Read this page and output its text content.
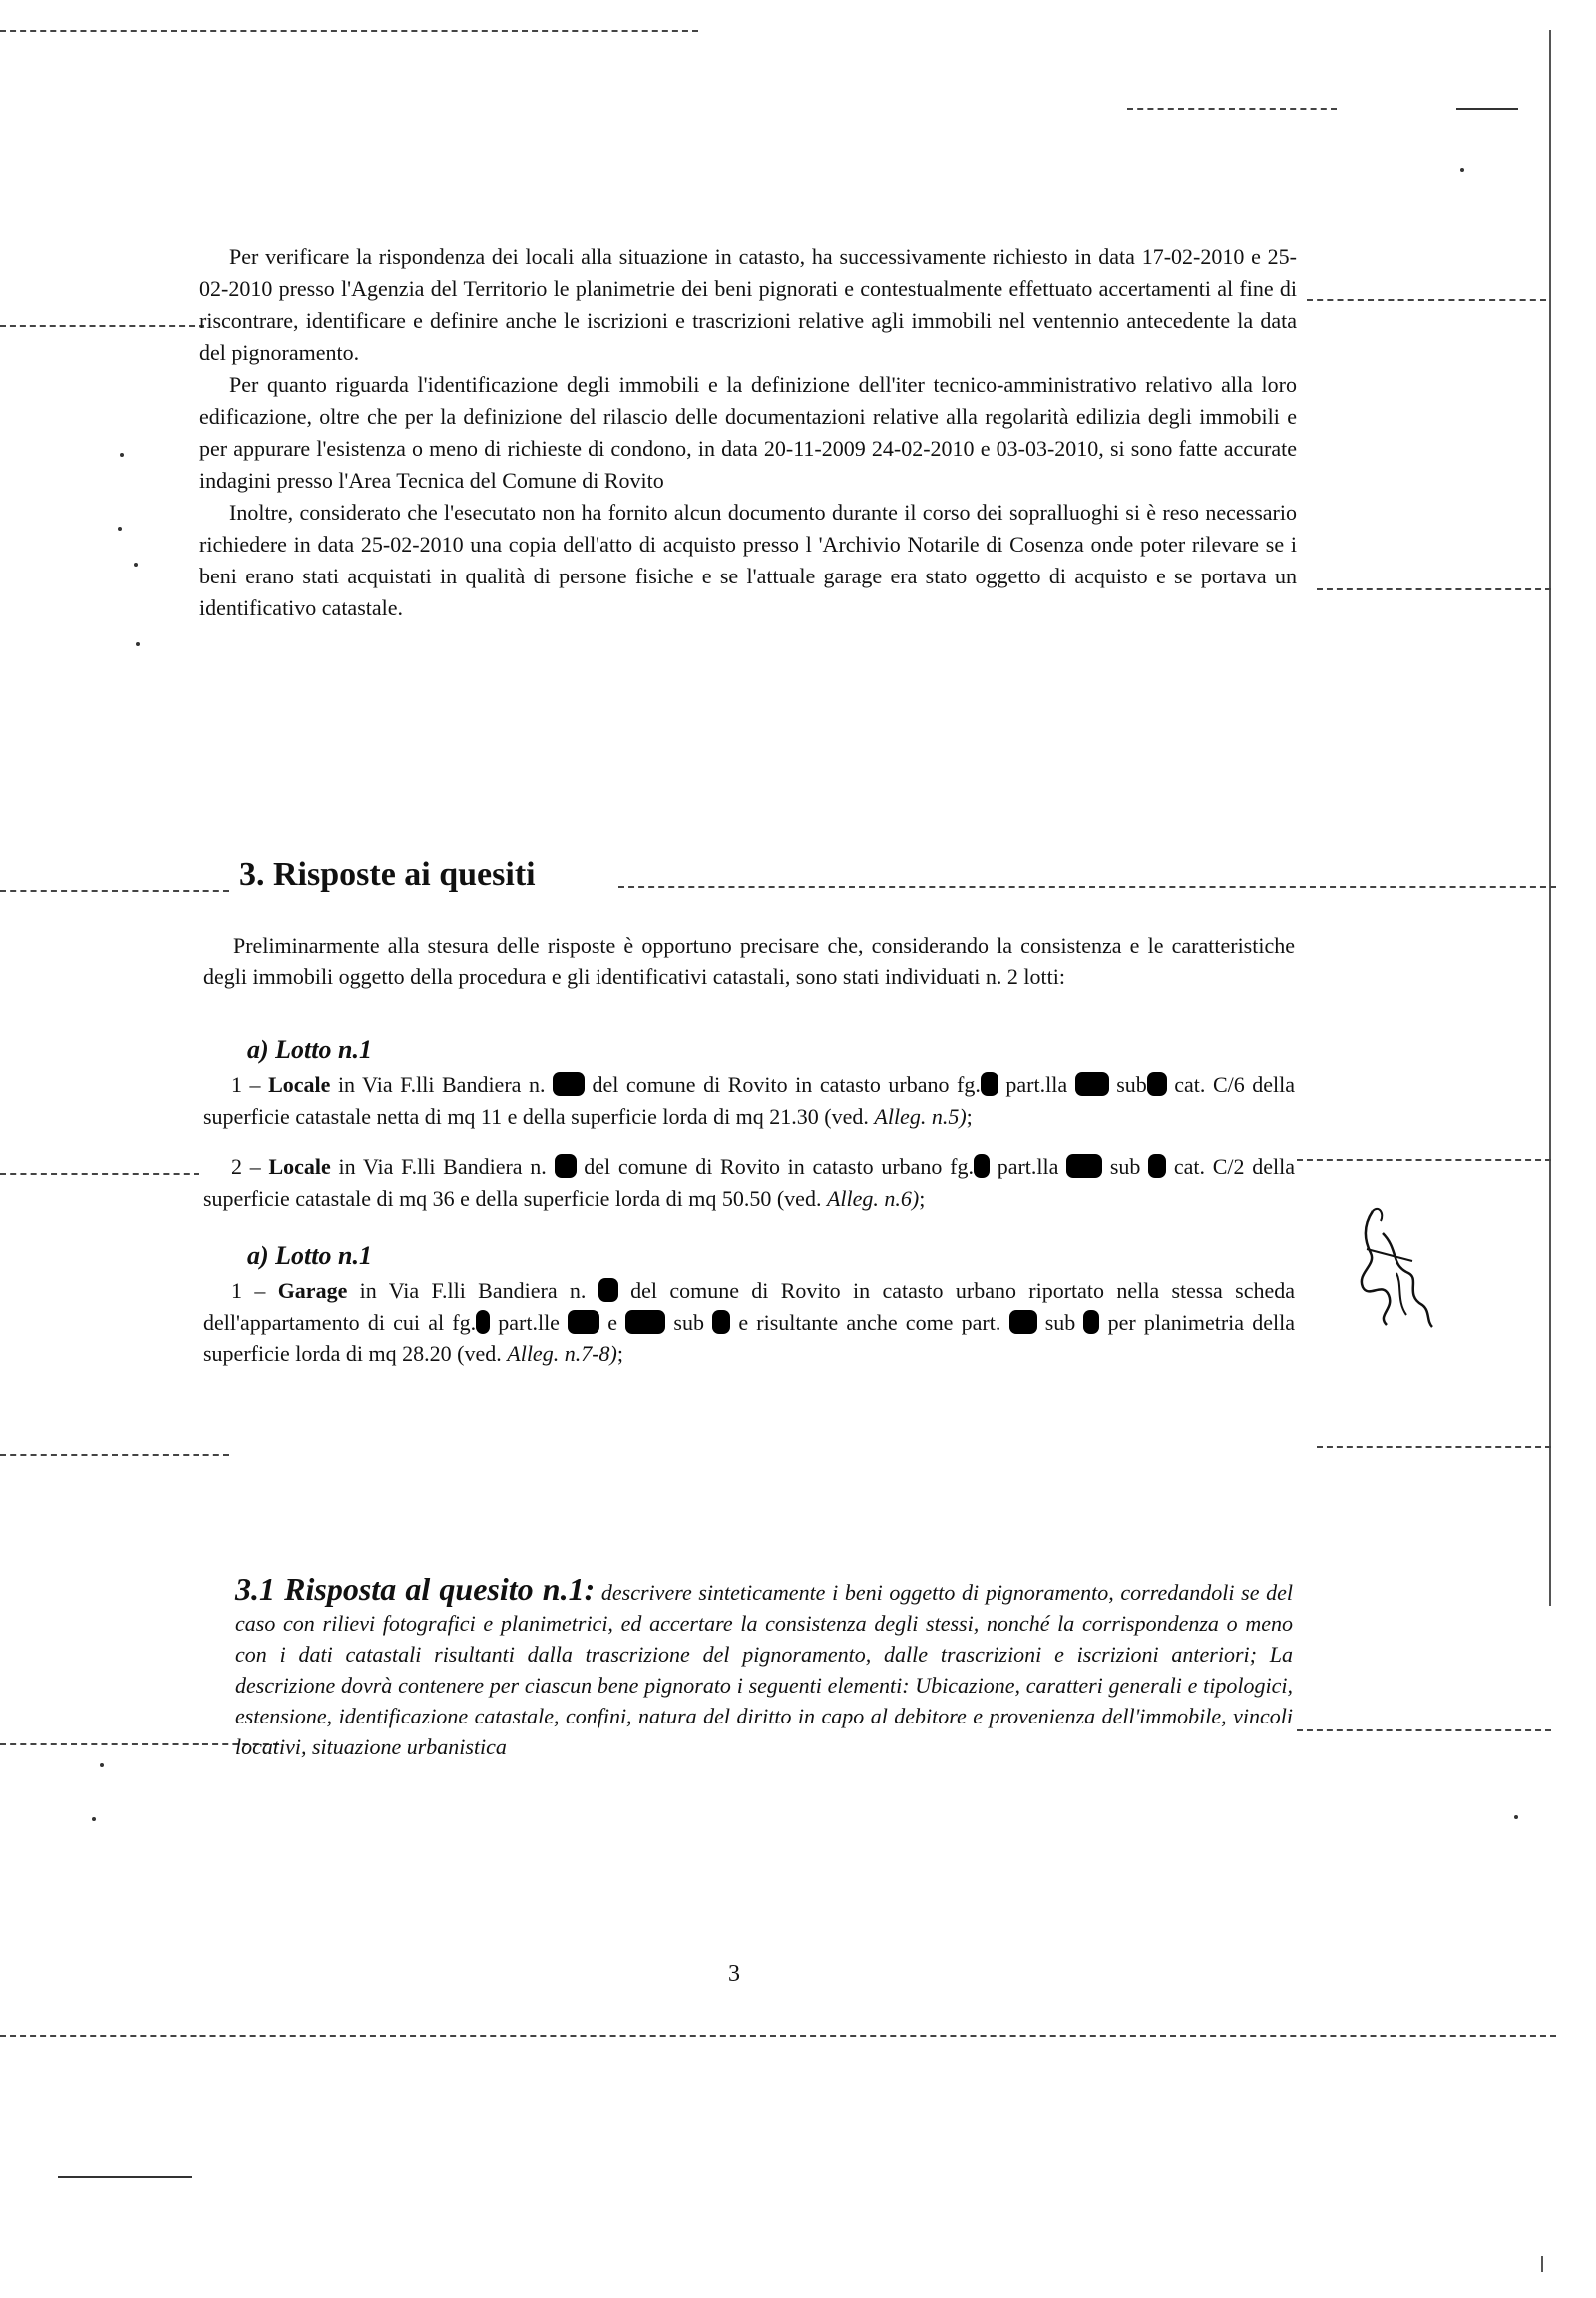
Per verificare la rispondenza dei locali alla situazione in catasto, ha successivamente richiesto in data 17-02-2010 e 25-02-2010 presso l'Agenzia del Territorio le planimetrie dei beni pignorati e contestualmente effettuato accertamenti al fine di riscontrare, identificare e definire anche le iscrizioni e trascrizioni relative agli immobili nel ventennio antecedente la data del pignoramento.

Per quanto riguarda l'identificazione degli immobili e la definizione dell'iter tecnico-amministrativo relativo alla loro edificazione, oltre che per la definizione del rilascio delle documentazioni relative alla regolarità edilizia degli immobili e per appurare l'esistenza o meno di richieste di condono, in data 20-11-2009 24-02-2010 e 03-03-2010, si sono fatte accurate indagini presso l'Area Tecnica del Comune di Rovito

Inoltre, considerato che l'esecutato non ha fornito alcun documento durante il corso dei sopralluoghi si è reso necessario richiedere in data 25-02-2010 una copia dell'atto di acquisto presso l 'Archivio Notarile di Cosenza onde poter rilevare se i beni erano stati acquistati in qualità di persone fisiche e se l'attuale garage era stato oggetto di acquisto e se portava un identificativo catastale.

3. Risposte ai quesiti

Preliminarmente alla stesura delle risposte è opportuno precisare che, considerando la consistenza e le caratteristiche degli immobili oggetto della procedura e gli identificativi catastali, sono stati individuati n. 2 lotti:

a) Lotto n.1

1 – Locale in Via F.lli Bandiera n.  del comune di Rovito in catasto urbano fg. part.lla  sub cat. C/6 della superficie catastale netta di mq 11 e della superficie lorda di mq 21.30 (ved. Alleg. n.5);

2 – Locale in Via F.lli Bandiera n.  del comune di Rovito in catasto urbano fg. part.lla  sub  cat. C/2 della superficie catastale di mq 36 e della superficie lorda di mq 50.50 (ved. Alleg. n.6);

a) Lotto n.1

1 – Garage in Via F.lli Bandiera n.  del comune di Rovito in catasto urbano riportato nella stessa scheda dell'appartamento di cui al fg. part.lle  e  sub  e risultante anche come part.  sub  per planimetria della superficie lorda di mq 28.20 (ved. Alleg. n.7-8);

3.1 Risposta al quesito n.1: descrivere sinteticamente i beni oggetto di pignoramento, corredandoli se del caso con rilievi fotografici e planimetrici, ed accertare la consistenza degli stessi, nonché la corrispondenza o meno con i dati catastali risultanti dalla trascrizione del pignoramento, dalle trascrizioni e iscrizioni anteriori; La descrizione dovrà contenere per ciascun bene pignorato i seguenti elementi: Ubicazione, caratteri generali e tipologici, estensione, identificazione catastale, confini, natura del diritto in capo al debitore e provenienza dell'immobile, vincoli locativi, situazione urbanistica
3
